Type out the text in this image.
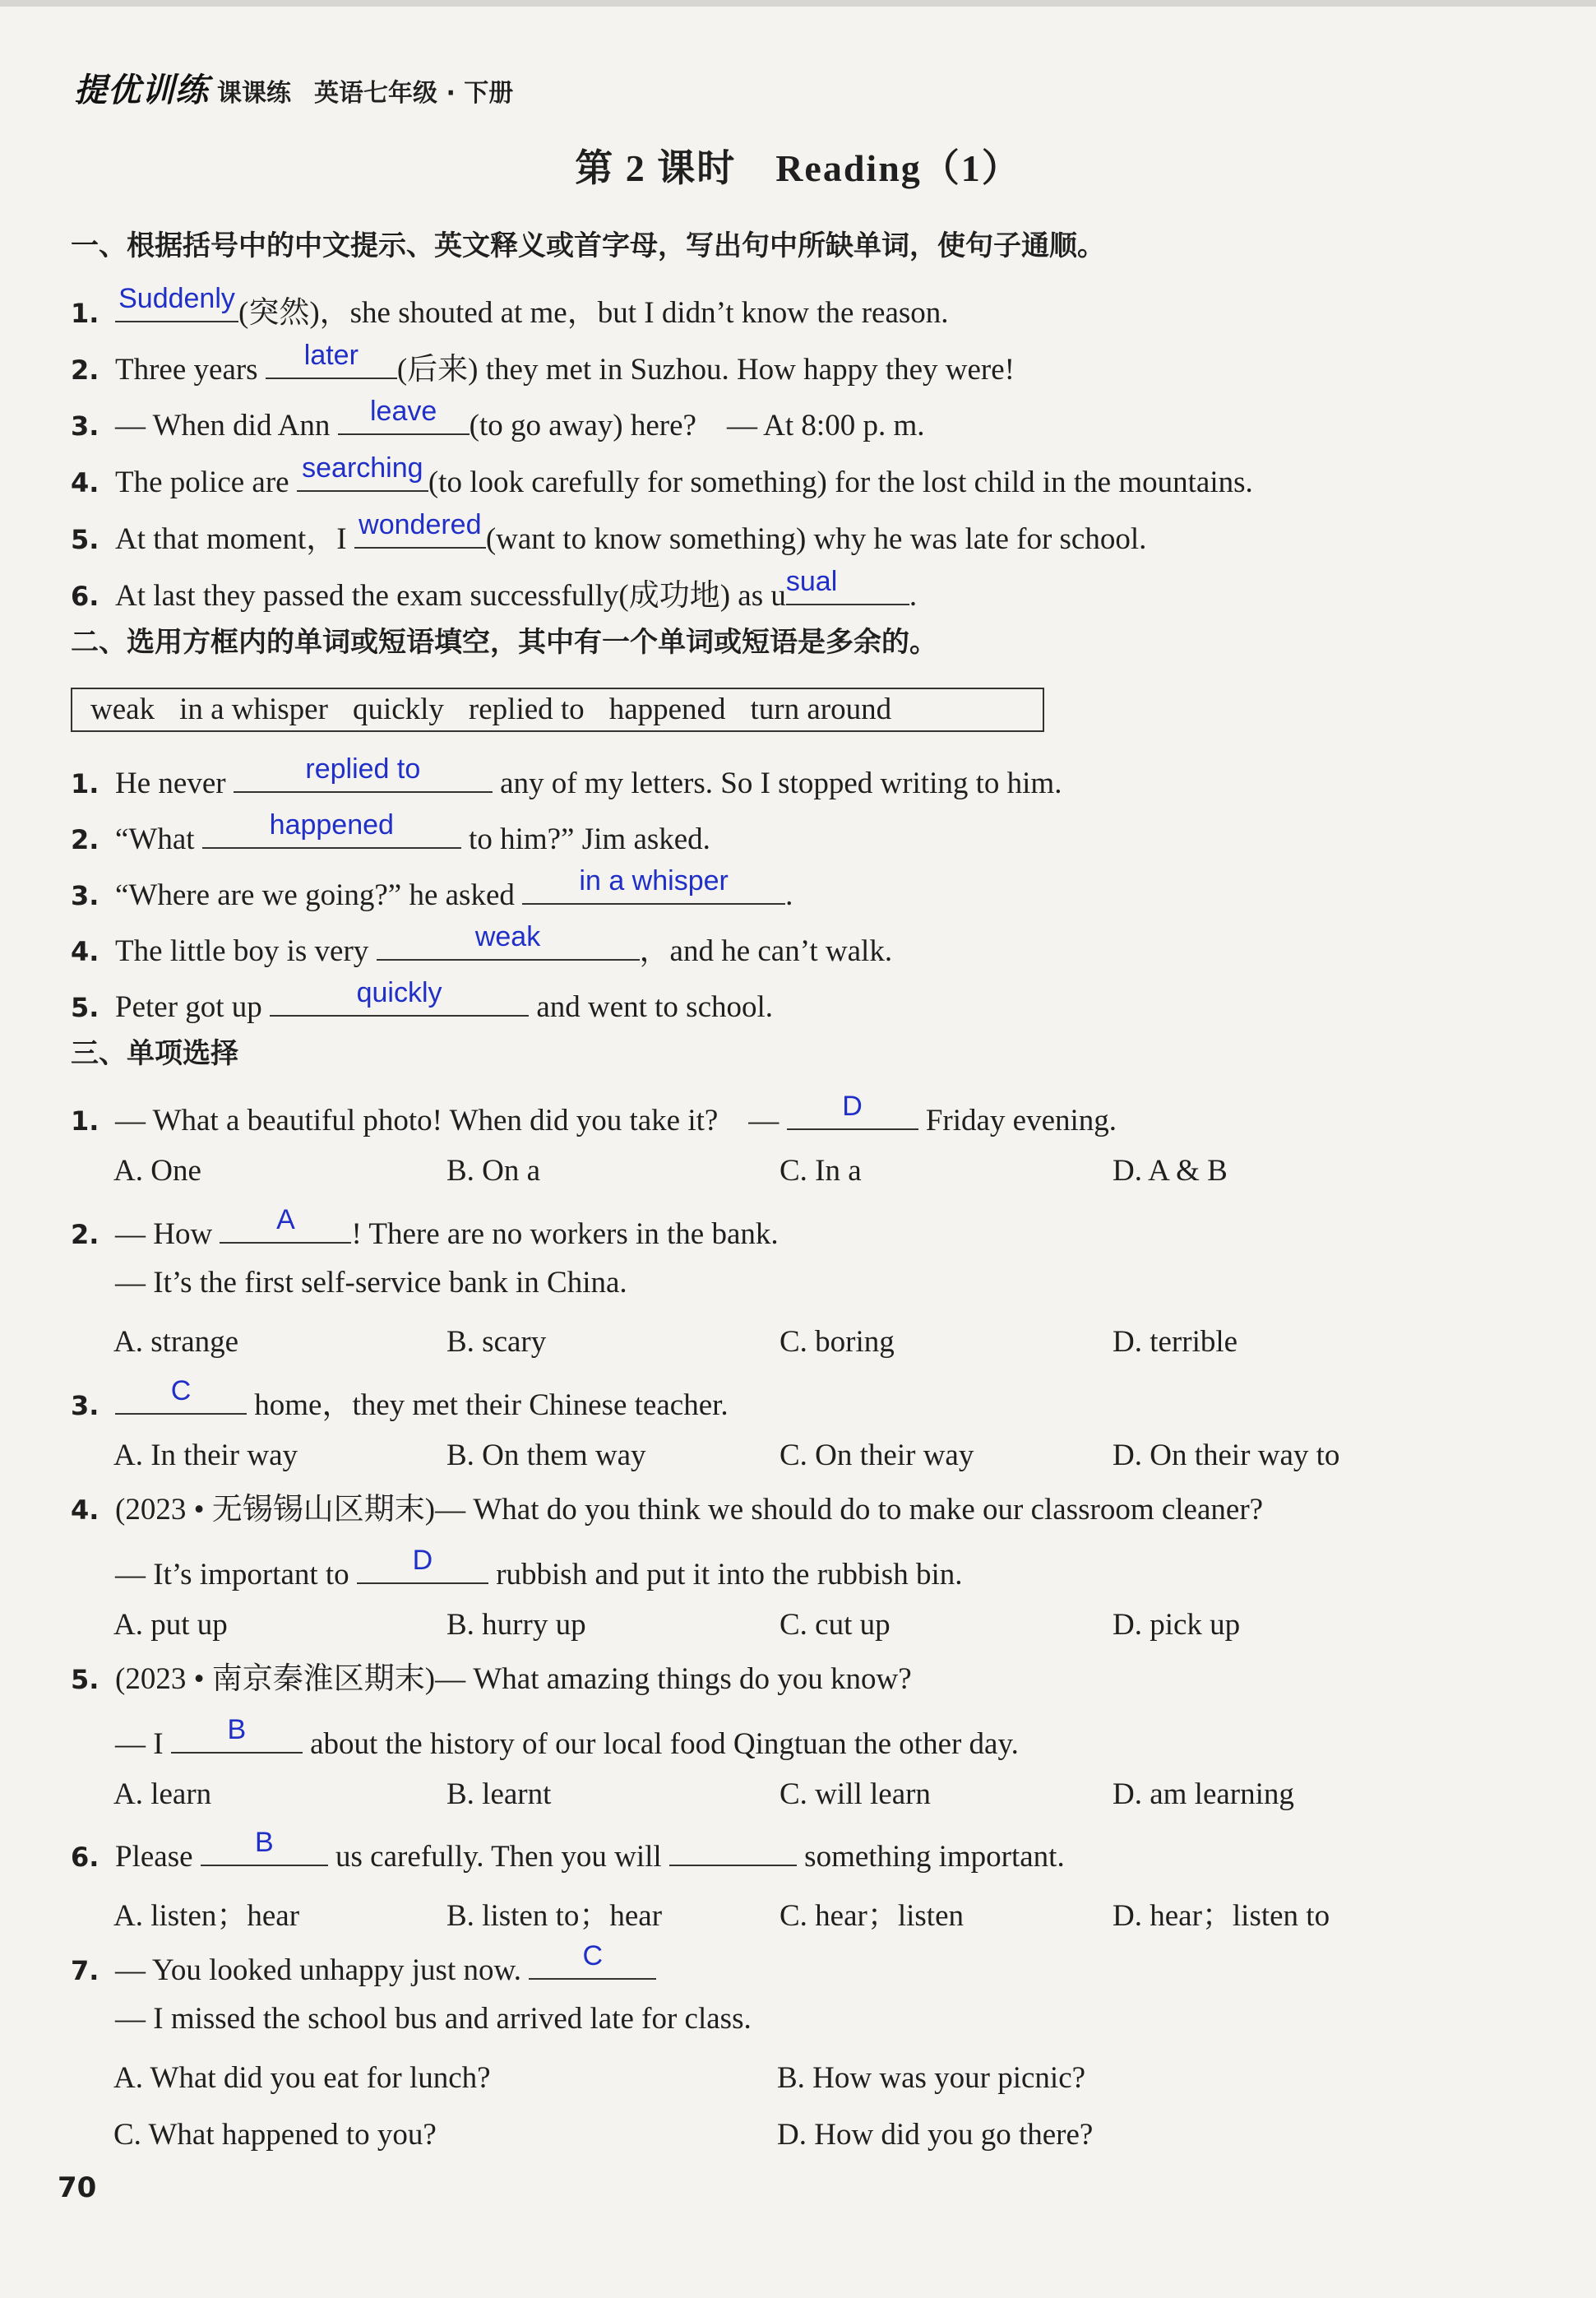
提优训练 课课练 英语七年级 · 下册
第 2 课时　Reading（1）
一、根据括号中的中文提示、英文释义或首字母，写出句中所缺单词，使句子通顺。
1. Suddenly (突然)，she shouted at me，but I didn’t know the reason.
2. Three years	later	(后来) they met in Suzhou. How happy they were!
3. — When did Ann	leave	(to go away) here?　— At 8:00 p. m.
4. The police are searching (to look carefully for something) for the lost child in the mountains.
5. At that moment，I wondered (want to know something) why he was late for school.
6. At last they passed the exam successfully(成功地) as u sual	.
二、选用方框内的单词或短语填空，其中有一个单词或短语是多余的。
weak in a whisper quickly replied to happened turn around
1. He never	replied to	any of my letters. So I stopped writing to him.
2. “What	happened	to him?” Jim asked.
3. “Where are we going?” he asked	in a whisper	.
4. The little boy is very	weak	，and he can’t walk.
5. Peter got up	quickly	and went to school.
三、单项选择
1. — What a beautiful photo! When did you take it?　—	D	Friday evening.
A. One	B. On a	C. In a	D. A & B
2. — How	A	! There are no workers in the bank.
— It’s the first self-service bank in China.
A. strange	B. scary	C. boring	D. terrible
3.	C	home，they met their Chinese teacher.
A. In their way	B. On them way	C. On their way	D. On their way to
4. (2023 • 无锡锡山区期末)— What do you think we should do to make our classroom cleaner?
— It’s important to	D	rubbish and put it into the rubbish bin.
A. put up	B. hurry up	C. cut up	D. pick up
5. (2023 • 南京秦淮区期末)— What amazing things do you know?
— I	B	about the history of our local food Qingtuan the other day.
A. learn	B. learnt	C. will learn	D. am learning
6. Please	B	us carefully. Then you will	something important.
A. listen；hear	B. listen to；hear	C. hear；listen	D. hear；listen to
7. — You looked unhappy just now.	C
— I missed the school bus and arrived late for class.
A. What did you eat for lunch?	B. How was your picnic?
C. What happened to you?	D. How did you go there?
70
